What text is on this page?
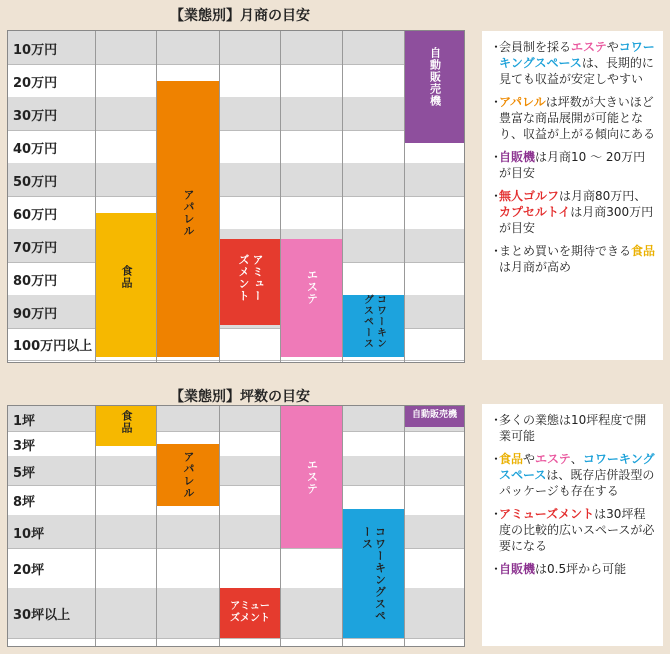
【業態別】月商の目安
10万円
20万円
30万円
40万円
50万円
60万円
70万円
80万円
90万円
100万円以上
食品
アパレル
アミューズメント	エステ
コワーキングスペース
自動販売機	・
会員制を採るエステやコワーキングスペースは、長期的に見ても収益が安定しやすい
・
アパレルは坪数が大きいほど豊富な商品展開が可能となり、収益が上がる傾向にある
・
自販機は月商10 ～ 20万円が目安
・
無人ゴルフは月商80万円、カプセルトイは月商300万円が目安
・
まとめ買いを期待できる食品は月商が高め
【業態別】坪数の目安
1坪
3坪
5坪
8坪
10坪
20坪
30坪以上
食品
アパレル
アミューズメント
エステ
コワーキングスペース
自動販売機	・
多くの業態は10坪程度で開業可能
・
食品やエステ、コワーキングスペースは、既存店併設型のパッケージも存在する
・
アミューズメントは30坪程度の比較的広いスペースが必要になる
・
自販機は0.5坪から可能
